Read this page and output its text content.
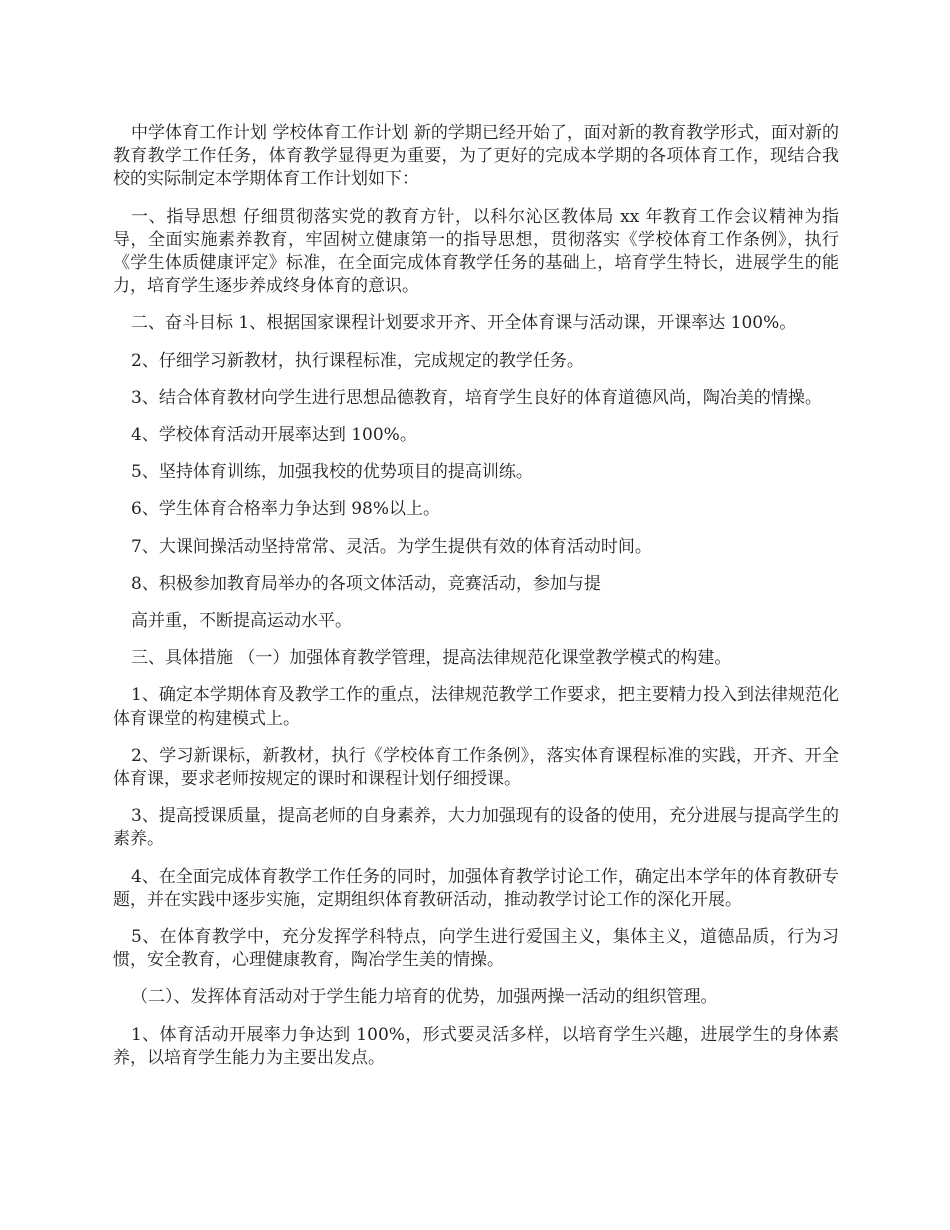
中学体育工作计划 学校体育工作计划 新的学期已经开始了，面对新的教育教学形式，面对新的教育教学工作任务，体育教学显得更为重要，为了更好的完成本学期的各项体育工作，现结合我校的实际制定本学期体育工作计划如下：

一、指导思想 仔细贯彻落实党的教育方针，以科尔沁区教体局 xx 年教育工作会议精神为指导，全面实施素养教育，牢固树立健康第一的指导思想，贯彻落实《学校体育工作条例》，执行《学生体质健康评定》标准，在全面完成体育教学任务的基础上，培育学生特长，进展学生的能力，培育学生逐步养成终身体育的意识。

二、奋斗目标 1、根据国家课程计划要求开齐、开全体育课与活动课，开课率达 100%。

2、仔细学习新教材，执行课程标准，完成规定的教学任务。

3、结合体育教材向学生进行思想品德教育，培育学生良好的体育道德风尚，陶冶美的情操。

4、学校体育活动开展率达到 100%。

5、坚持体育训练，加强我校的优势项目的提高训练。

6、学生体育合格率力争达到 98%以上。

7、大课间操活动坚持常常、灵活。为学生提供有效的体育活动时间。

8、积极参加教育局举办的各项文体活动，竞赛活动，参加与提

高并重，不断提高运动水平。

三、具体措施 （一）加强体育教学管理，提高法律规范化课堂教学模式的构建。

1、确定本学期体育及教学工作的重点，法律规范教学工作要求，把主要精力投入到法律规范化体育课堂的构建模式上。

2、学习新课标，新教材，执行《学校体育工作条例》，落实体育课程标准的实践，开齐、开全体育课，要求老师按规定的课时和课程计划仔细授课。

3、提高授课质量，提高老师的自身素养，大力加强现有的设备的使用，充分进展与提高学生的素养。

4、在全面完成体育教学工作任务的同时，加强体育教学讨论工作，确定出本学年的体育教研专题，并在实践中逐步实施，定期组织体育教研活动，推动教学讨论工作的深化开展。

5、在体育教学中，充分发挥学科特点，向学生进行爱国主义，集体主义，道德品质，行为习惯，安全教育，心理健康教育，陶冶学生美的情操。

（二）、发挥体育活动对于学生能力培育的优势，加强两操一活动的组织管理。

1、体育活动开展率力争达到 100%，形式要灵活多样，以培育学生兴趣，进展学生的身体素养，以培育学生能力为主要出发点。
